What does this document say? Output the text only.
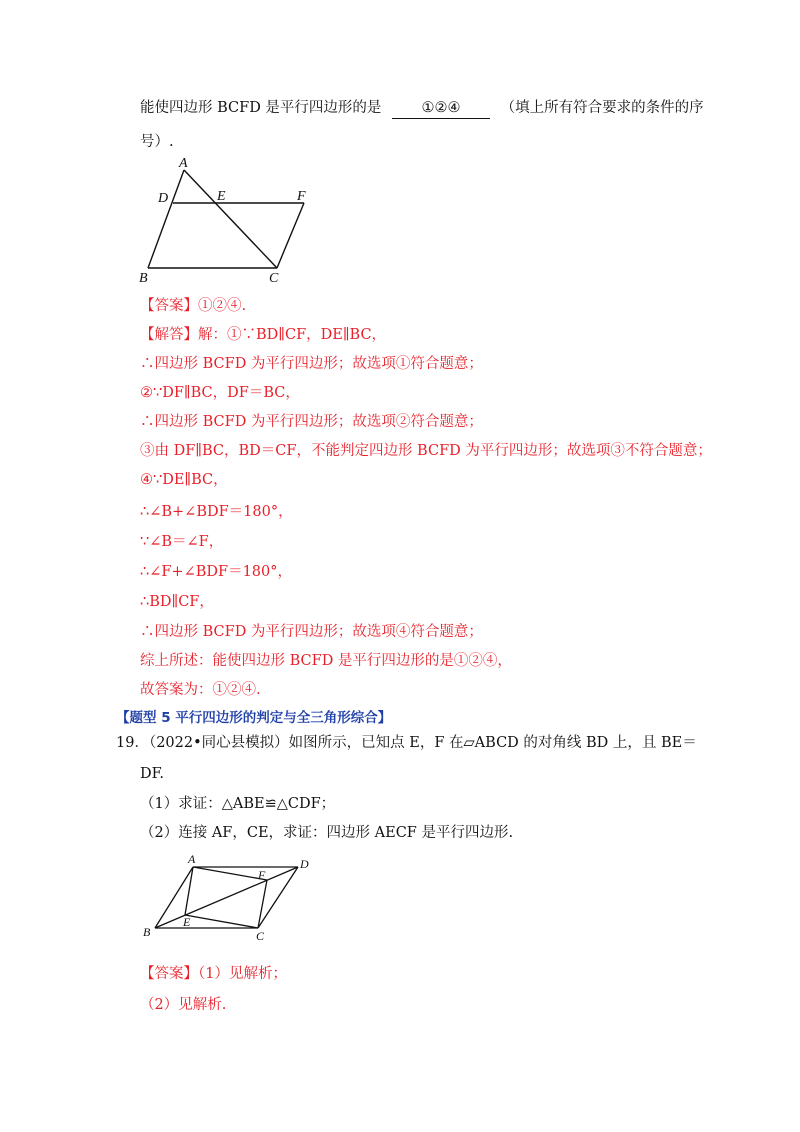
能使四边形 BCFD 是平行四边形的是	①②④	（填上所有符合要求的条件的序
号）.
A
D	E	F
B	C
【答案】①②④.
【解答】解：①∵BD∥CF，DE∥BC，
∴四边形 BCFD 为平行四边形；故选项①符合题意；
②∵DF∥BC，DF＝BC，
∴四边形 BCFD 为平行四边形；故选项②符合题意；
③由 DF∥BC，BD＝CF，不能判定四边形 BCFD 为平行四边形；故选项③不符合题意；
④∵DE∥BC，
∴∠B+∠BDF＝180°，
∵∠B＝∠F，
∴∠F+∠BDF＝180°，
∴BD∥CF，
∴四边形 BCFD 为平行四边形；故选项④符合题意；
综上所述：能使四边形 BCFD 是平行四边形的是①②④，
故答案为：①②④.
【题型 5 平行四边形的判定与全三角形综合】
19．（2022•同心县模拟）如图所示，已知点 E，F 在▱ABCD 的对角线 BD 上，且 BE＝
DF.
（1）求证：△ABE≌△CDF；
（2）连接 AF，CE，求证：四边形 AECF 是平行四边形.
A	D
F
B
E
C
【答案】（1）见解析；
（2）见解析.
